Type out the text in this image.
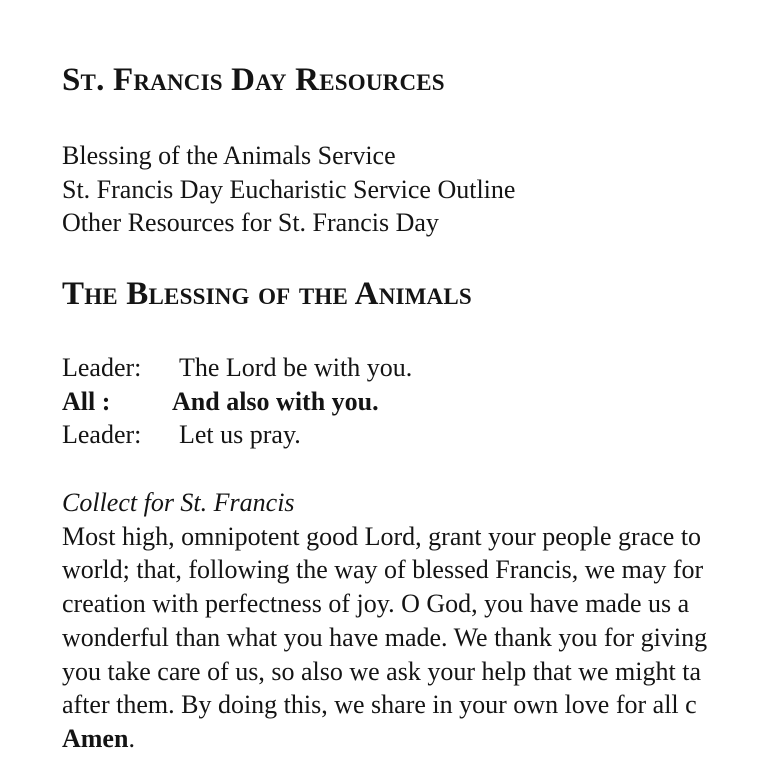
St. Francis Day Resources
Blessing of the Animals Service
St. Francis Day Eucharistic Service Outline
Other Resources for St. Francis Day
The Blessing of the Animals
Leader: The Lord be with you.
All : And also with you.
Leader: Let us pray.
Collect for St. Francis
Most high, omnipotent good Lord, grant your people grace to
world; that, following the way of blessed Francis, we may for
creation with perfectness of joy. O God, you have made us a
wonderful than what you have made. We thank you for giving
you take care of us, so also we ask your help that we might ta
after them. By doing this, we share in your own love for all c
Amen.
